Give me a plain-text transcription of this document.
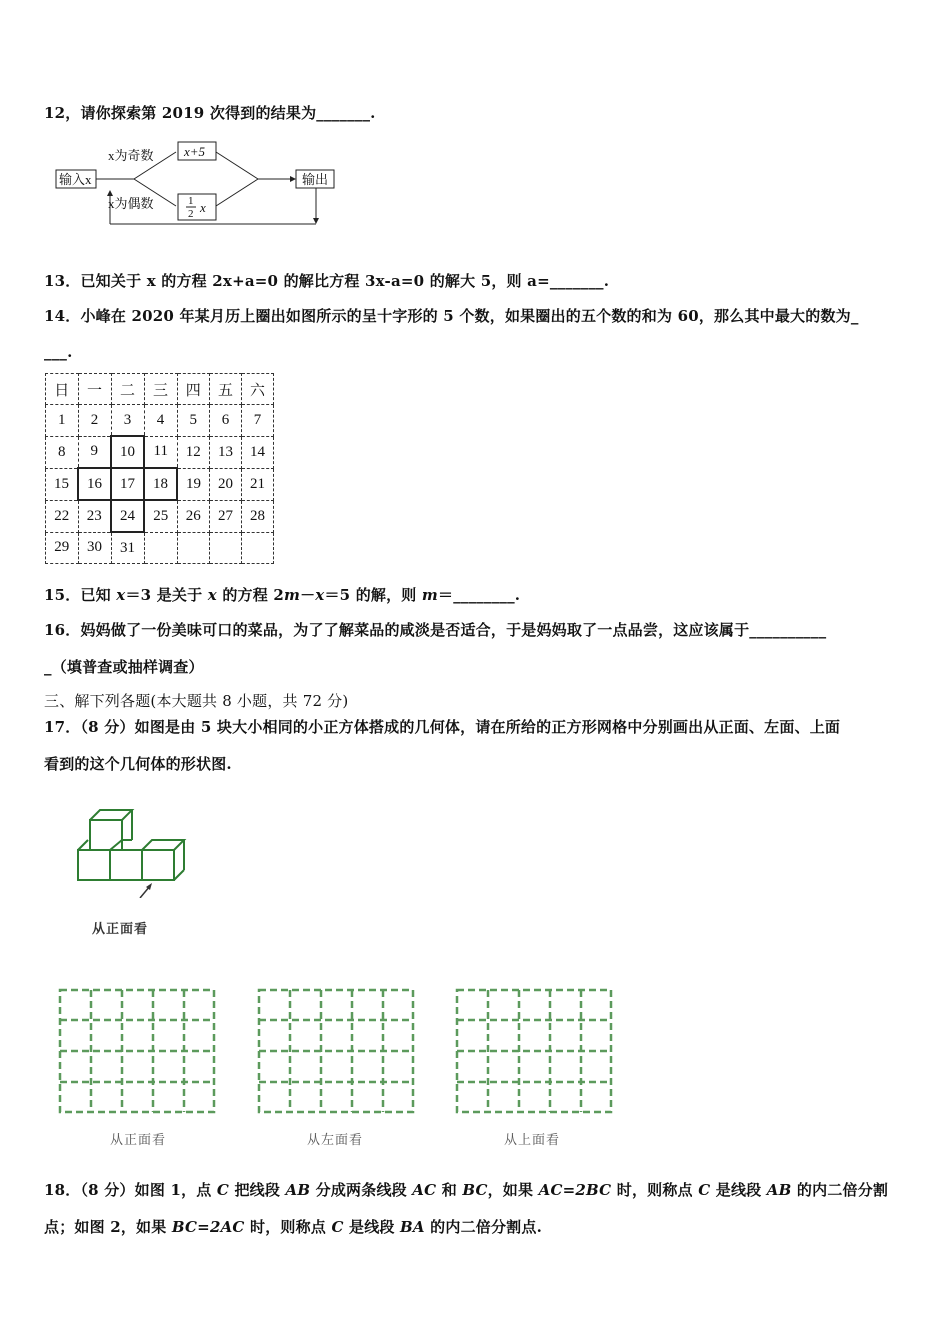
12，请你探索第 2019 次得到的结果为_______.
输入x
x+5
1
2 x
x为奇数
x为偶数
输出
13．已知关于 x 的方程 2x+a=0 的解比方程 3x-a=0 的解大 5，则 a=_______.
14．小峰在 2020 年某月历上圈出如图所示的呈十字形的 5 个数，如果圈出的五个数的和为 60，那么其中最大的数为_
___.
日	一	二	三	四	五	六
1	2	3	4	5	6	7
8	9	10	11	12	13	14
15	16	17	18	19	20	21
22	23	24	25	26	27	28
29	30	31				
15．已知 x＝3 是关于 x 的方程 2m－x＝5 的解，则 m＝________.
16．妈妈做了一份美味可口的菜品，为了了解菜品的咸淡是否适合，于是妈妈取了一点品尝，这应该属于__________
_（填普查或抽样调查）
三、解下列各题(本大题共 8 小题，共 72 分)
17．（8 分）如图是由 5 块大小相同的小正方体搭成的几何体，请在所给的正方形网格中分别画出从正面、左面、上面
看到的这个几何体的形状图.
从正面看
从正面看	从左面看	从上面看
18．（8 分）如图 1，点 C 把线段 AB 分成两条线段 AC 和 BC，如果 AC=2BC 时，则称点 C 是线段 AB 的内二倍分割
点；如图 2，如果 BC=2AC 时，则称点 C 是线段 BA 的内二倍分割点.
